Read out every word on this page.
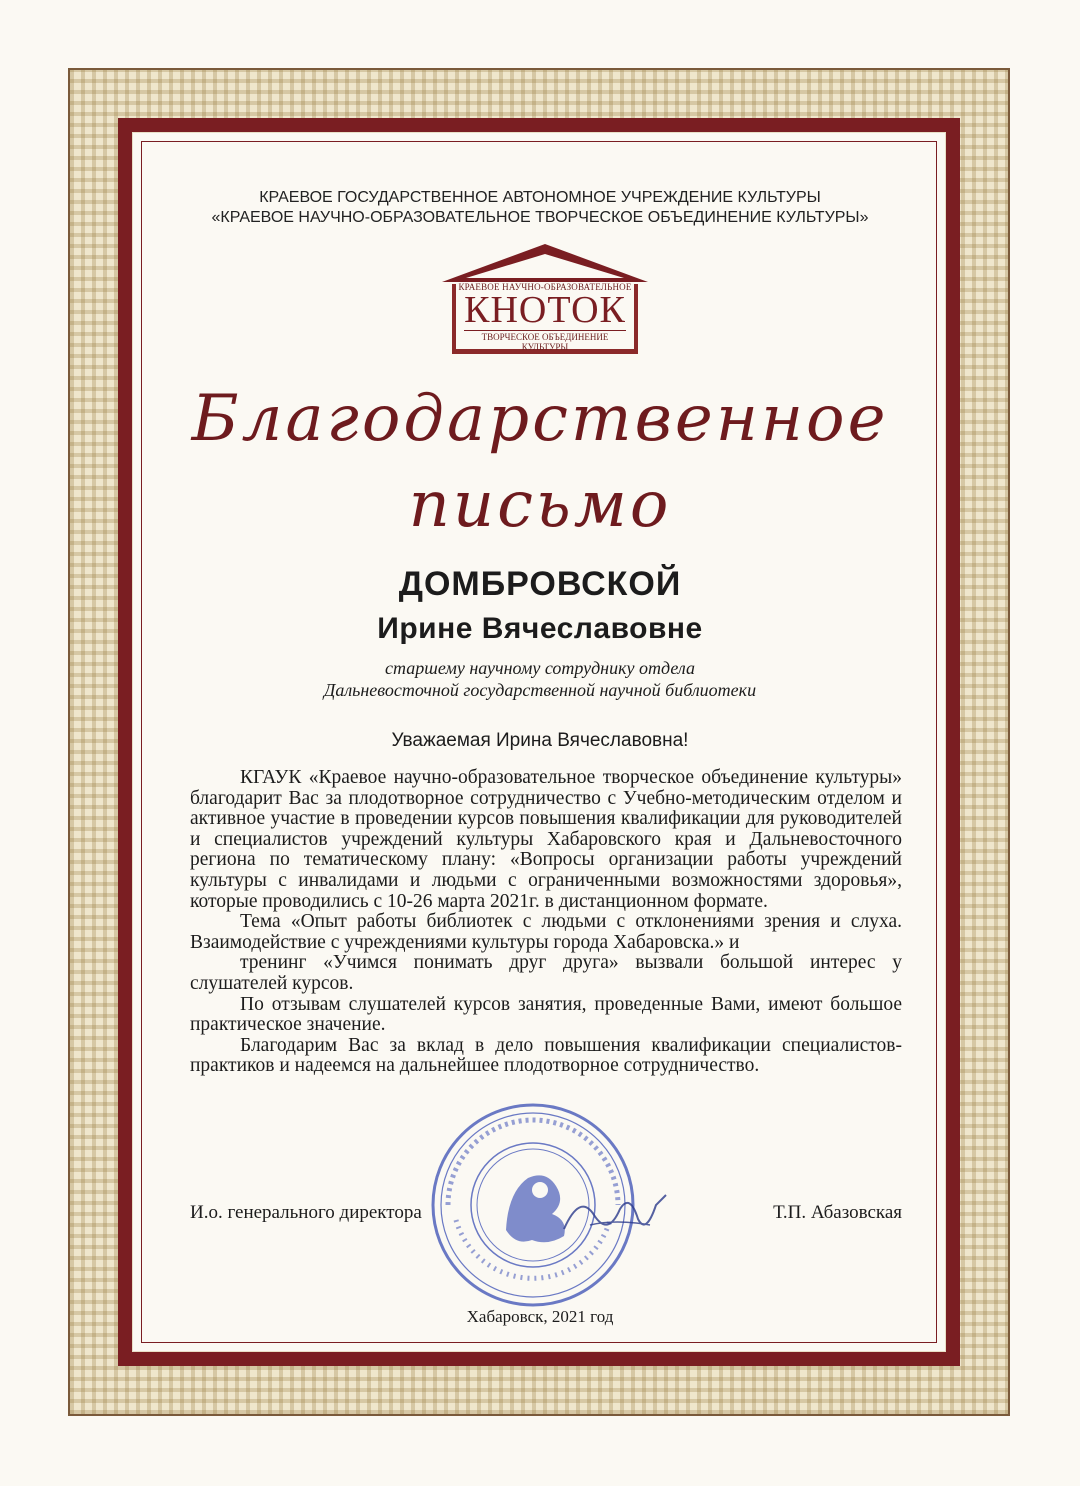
КРАЕВОЕ ГОСУДАРСТВЕННОЕ АВТОНОМНОЕ УЧРЕЖДЕНИЕ КУЛЬТУРЫ
«КРАЕВОЕ НАУЧНО-ОБРАЗОВАТЕЛЬНОЕ ТВОРЧЕСКОЕ ОБЪЕДИНЕНИЕ КУЛЬТУРЫ»
КРАЕВОЕ НАУЧНО-ОБРАЗОВАТЕЛЬНОЕ
КНОТОК
ТВОРЧЕСКОЕ ОБЪЕДИНЕНИЕ КУЛЬТУРЫ
Благодарственное
письмо
ДОМБРОВСКОЙ
Ирине Вячеславовне
старшему научному сотруднику отдела
Дальневосточной государственной научной библиотеки
Уважаемая Ирина Вячеславовна!

КГАУК «Краевое научно-образовательное творческое объединение культуры» благодарит Вас за плодотворное сотрудничество с Учебно-методическим отделом и активное участие в проведении курсов повышения квалификации для руководителей и специалистов учреждений культуры Хабаровского края и Дальневосточного региона по тематическому плану: «Вопросы организации работы учреждений культуры с инвалидами и людьми с ограниченными возможностями здоровья», которые проводились с 10-26 марта 2021г. в дистанционном формате.

Тема «Опыт работы библиотек с людьми с отклонениями зрения и слуха. Взаимодействие с учреждениями культуры города Хабаровска.» и

тренинг «Учимся понимать друг друга» вызвали большой интерес у слушателей курсов.

По отзывам слушателей курсов занятия, проведенные Вами, имеют большое практическое значение.

Благодарим Вас за вклад в дело повышения квалификации специалистов-практиков и надеемся на дальнейшее плодотворное сотрудничество.

И.о. генерального директора	Т.П. Абазовская
Хабаровск, 2021 год
